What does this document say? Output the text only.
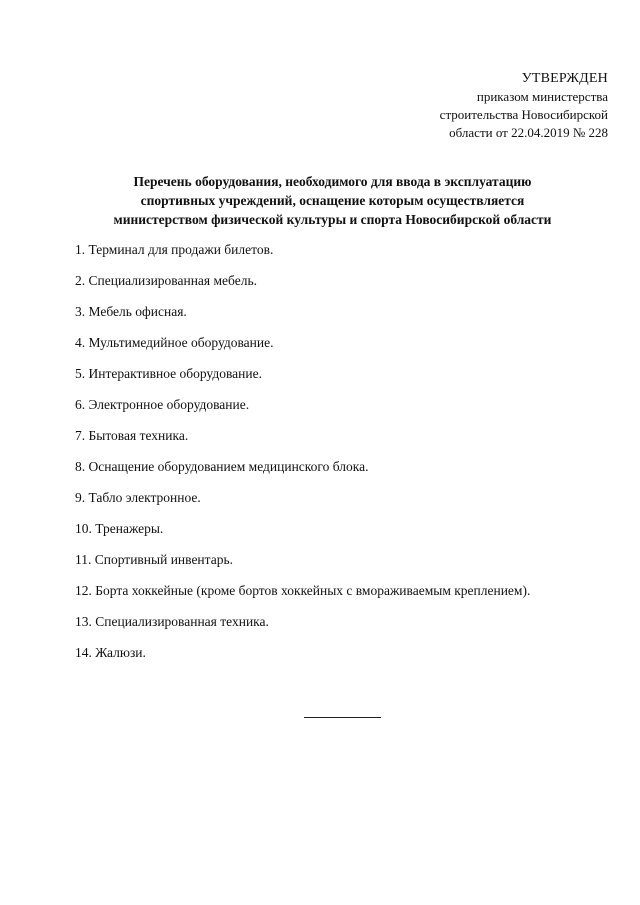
УТВЕРЖДЕН
приказом министерства
строительства Новосибирской
области от 22.04.2019 № 228
Перечень оборудования, необходимого для ввода в эксплуатацию
спортивных учреждений, оснащение которым осуществляется
министерством физической культуры и спорта Новосибирской области
1. Терминал для продажи билетов.
2. Специализированная мебель.
3. Мебель офисная.
4. Мультимедийное оборудование.
5. Интерактивное оборудование.
6. Электронное оборудование.
7. Бытовая техника.
8. Оснащение оборудованием медицинского блока.
9. Табло электронное.
10. Тренажеры.
11. Спортивный инвентарь.
12. Борта хоккейные (кроме бортов хоккейных с вмораживаемым креплением).
13. Специализированная техника.
14. Жалюзи.
